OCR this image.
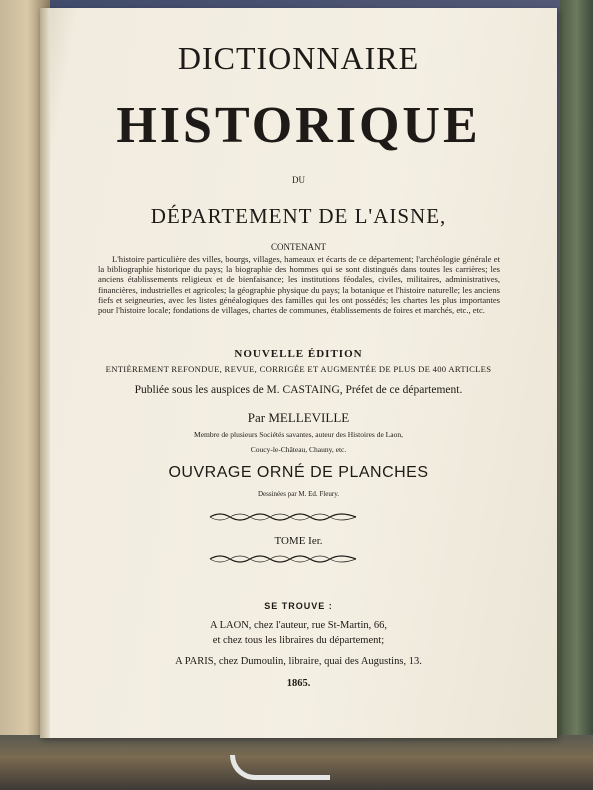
DICTIONNAIRE
HISTORIQUE
DU
DÉPARTEMENT DE L'AISNE,
CONTENANT
L'histoire particulière des villes, bourgs, villages, hameaux et écarts de ce département; l'archéologie générale et la bibliographie historique du pays; la biographie des hommes qui se sont distingués dans toutes les carrières; les anciens établissements religieux et de bienfaisance; les institutions féodales, civiles, militaires, administratives, financières, industrielles et agricoles; la géographie physique du pays; la botanique et l'histoire naturelle; les anciens fiefs et seigneuries, avec les listes généalogiques des familles qui les ont possédés; les chartes les plus importantes pour l'histoire locale; fondations de villages, chartes de communes, établissements de foires et marchés, etc., etc.
NOUVELLE ÉDITION
ENTIÈREMENT REFONDUE, REVUE, CORRIGÉE ET AUGMENTÉE DE PLUS DE 400 ARTICLES
Publiée sous les auspices de M. CASTAING, Préfet de ce département.
Par MELLEVILLE
Membre de plusieurs Sociétés savantes, auteur des Histoires de Laon,
Coucy-le-Château, Chauny, etc.
OUVRAGE ORNÉ DE PLANCHES
Dessinées par M. Ed. Fleury.
TOME Ier.
SE TROUVE :
A LAON, chez l'auteur, rue St-Martin, 66,
et chez tous les libraires du département;
A PARIS, chez Dumoulin, libraire, quai des Augustins, 13.
1865.
